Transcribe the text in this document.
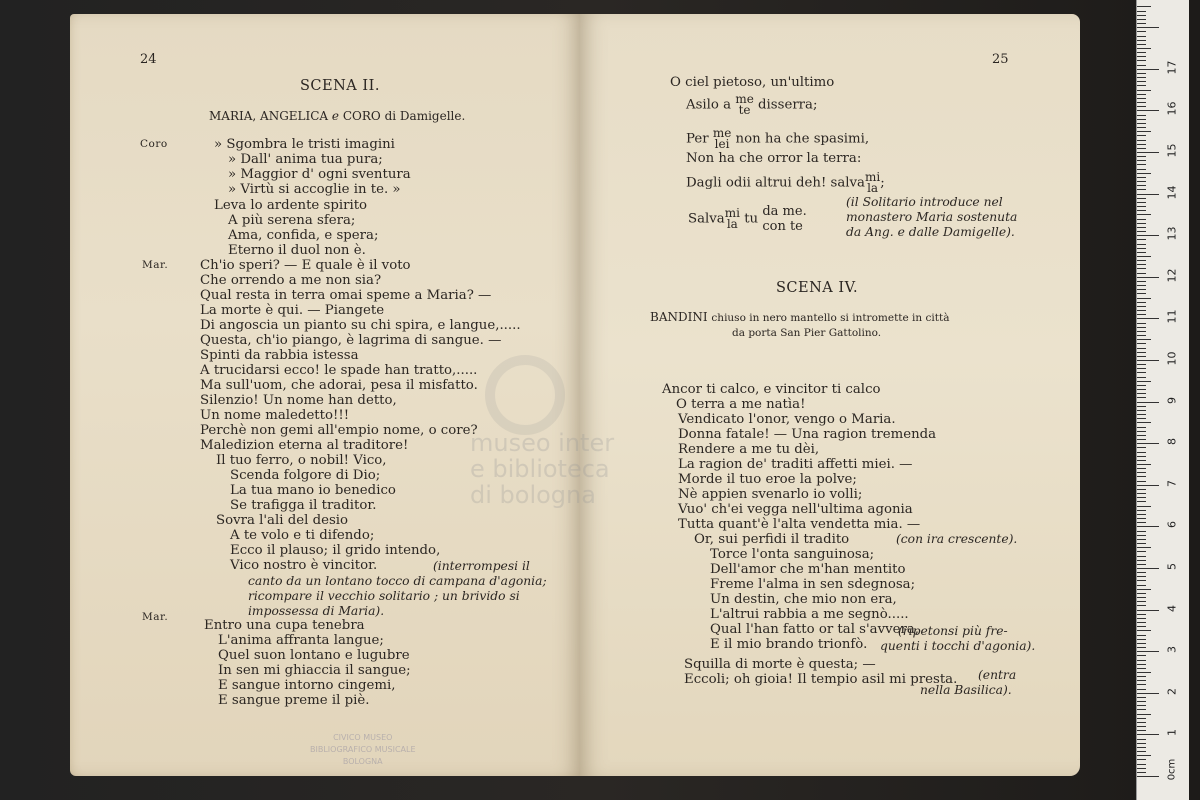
24
SCENA II.
MARIA, ANGELICA e CORO di Damigelle.
Coro
Mar.
Mar.
» Sgombra le tristi imagini
» Dall' anima tua pura;
» Maggior d' ogni sventura
» Virtù si accoglie in te. »
Leva lo ardente spirito
A più serena sfera;
Ama, confida, e spera;
Eterno il duol non è.
Ch'io speri? — E quale è il voto
Che orrendo a me non sia?
Qual resta in terra omai speme a Maria? —
La morte è qui. — Piangete
Di angoscia un pianto su chi spira, e langue,.....
Questa, ch'io piango, è lagrima di sangue. —
Spinti da rabbia istessa
A trucidarsi ecco! le spade han tratto,.....
Ma sull'uom, che adorai, pesa il misfatto.
Silenzio! Un nome han detto,
Un nome maledetto!!!
Perchè non gemi all'empio nome, o core?
Maledizion eterna al traditore!
Il tuo ferro, o nobil! Vico,
Scenda folgore di Dio;
La tua mano io benedico
Se trafigga il traditor.
Sovra l'ali del desio
A te volo e ti difendo;
Ecco il plauso; il grido intendo,
Vico nostro è vincitor.	(interrompesi il
canto da un lontano tocco di campana d'agonia;
ricompare il vecchio solitario ; un brivido si
impossessa di Maria).
Entro una cupa tenebra
L'anima affranta langue;
Quel suon lontano e lugubre
In sen mi ghiaccia il sangue;
E sangue intorno cingemi,
E sangue preme il piè.
CIVICO MUSEO
BIBLIOGRAFICO MUSICALE
BOLOGNA
25
O ciel pietoso, un'ultimo
Asilo a me
te disserra;
Per me
lei non ha che spasimi,
Non ha che orror la terra:
Dagli odii altrui deh! salva mi
la ;
Salva mi
la tu da me.
con te
(il Solitario introduce nel
monastero Maria sostenuta
da Ang. e dalle Damigelle).
SCENA IV.
BANDINI chiuso in nero mantello si intromette in città
da porta San Pier Gattolino.
Ancor ti calco, e vincitor ti calco
O terra a me natìa!
Vendicato l'onor, vengo o Maria.
Donna fatale! — Una ragion tremenda
Rendere a me tu dèi,
La ragion de' traditi affetti miei. —
Morde il tuo eroe la polve;
Nè appien svenarlo io volli;
Vuo' ch'ei vegga nell'ultima agonia
Tutta quant'è l'alta vendetta mia. —
Or, sui perfidi il tradito	(con ira crescente).
Torce l'onta sanguinosa;
Dell'amor che m'han mentito
Freme l'alma in sen sdegnosa;
Un destin, che mio non era,
L'altrui rabbia a me segnò.....
Qual l'han fatto or tal s'avvera,
E il mio brando trionfò.
(ripetonsi più fre-
quenti i tocchi d'agonia).
Squilla di morte è questa; —
Eccoli; oh gioia! Il tempio asil mi presta. (entra
nella Basilica).
museo inter
e biblioteca
di bologna
1
2
3
4
5
6
7
8
9
10
11
12
13
14
15
16
17
0cm
